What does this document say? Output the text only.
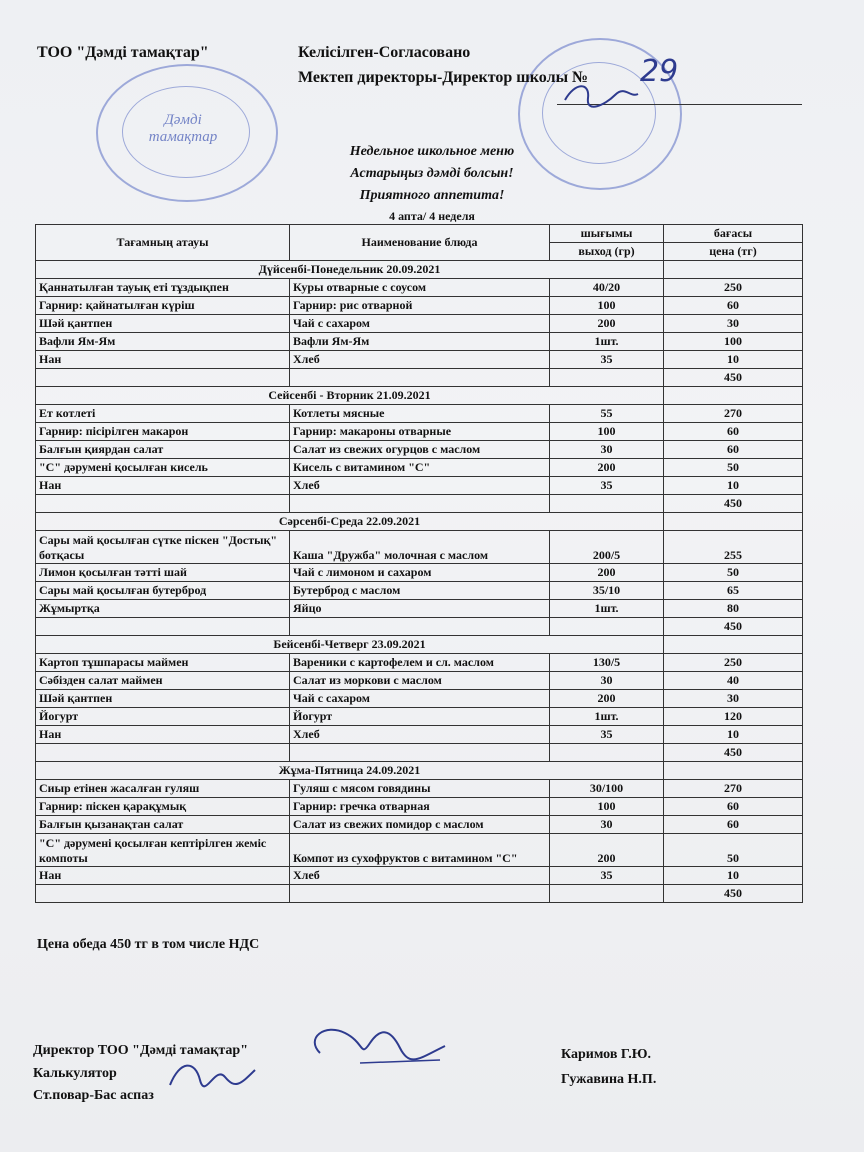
Дәмді
тамақтар
ТОО "Дәмді тамақтар"	Келісілген-Согласовано
Мектеп директоры-Директор школы № 29
Недельное школьное меню
Астарыңыз дәмді болсын!
Приятного аппетита!
4 апта/ 4 неделя
Тағамның атауы	Наименование блюда	шығымы	бағасы
		выход (гр)	цена (тг)
Дүйсенбі-Понедельник 20.09.2021			
Қаннатылған тауық еті тұздықпен	Куры отварные с соусом	40/20	250
Гарнир: қайнатылған күріш	Гарнир: рис отварной	100	60
Шәй қантпен	Чай с сахаром	200	30
Вафли Ям-Ям	Вафли Ям-Ям	1шт.	100
Нан	Хлеб	35	10
			450
Сейсенбі - Вторник 21.09.2021			
Ет котлеті	Котлеты мясные	55	270
Гарнир: пісірілген макарон	Гарнир: макароны отварные	100	60
Балғын қиярдан салат	Салат из свежих огурцов с маслом	30	60
"С" дәрумені қосылған кисель	Кисель с витамином "С"	200	50
Нан	Хлеб	35	10
			450
Сәрсенбі-Среда 22.09.2021			
Сары май қосылған сүтке піскен "Достық" ботқасы	Каша "Дружба" молочная с маслом	200/5	255
Лимон қосылған тәтті шай	Чай с лимоном и сахаром	200	50
Сары май қосылған бутерброд	Бутерброд с маслом	35/10	65
Жұмыртқа	Яйцо	1шт.	80
			450
Бейсенбі-Четверг 23.09.2021			
Картоп тұшпарасы маймен	Вареники с картофелем и сл. маслом	130/5	250
Сәбізден салат маймен	Салат из моркови с маслом	30	40
Шәй қантпен	Чай с сахаром	200	30
Йогурт	Йогурт	1шт.	120
Нан	Хлеб	35	10
			450
Жұма-Пятница 24.09.2021			
Сиыр етінен жасалған гуляш	Гуляш с мясом говядины	30/100	270
Гарнир: піскен қарақұмық	Гарнир: гречка отварная	100	60
Балғын қызанақтан салат	Салат из свежих помидор с маслом	30	60
"С" дәрумені қосылған кептірілген жеміс компоты	Компот из сухофруктов с витамином "С"	200	50
Нан	Хлеб	35	10
			450
Цена обеда 450 тг в том числе НДС
Директор ТОО "Дәмді тамақтар"
Калькулятор
Ст.повар-Бас аспаз
Каримов Г.Ю.
Гужавина Н.П.
